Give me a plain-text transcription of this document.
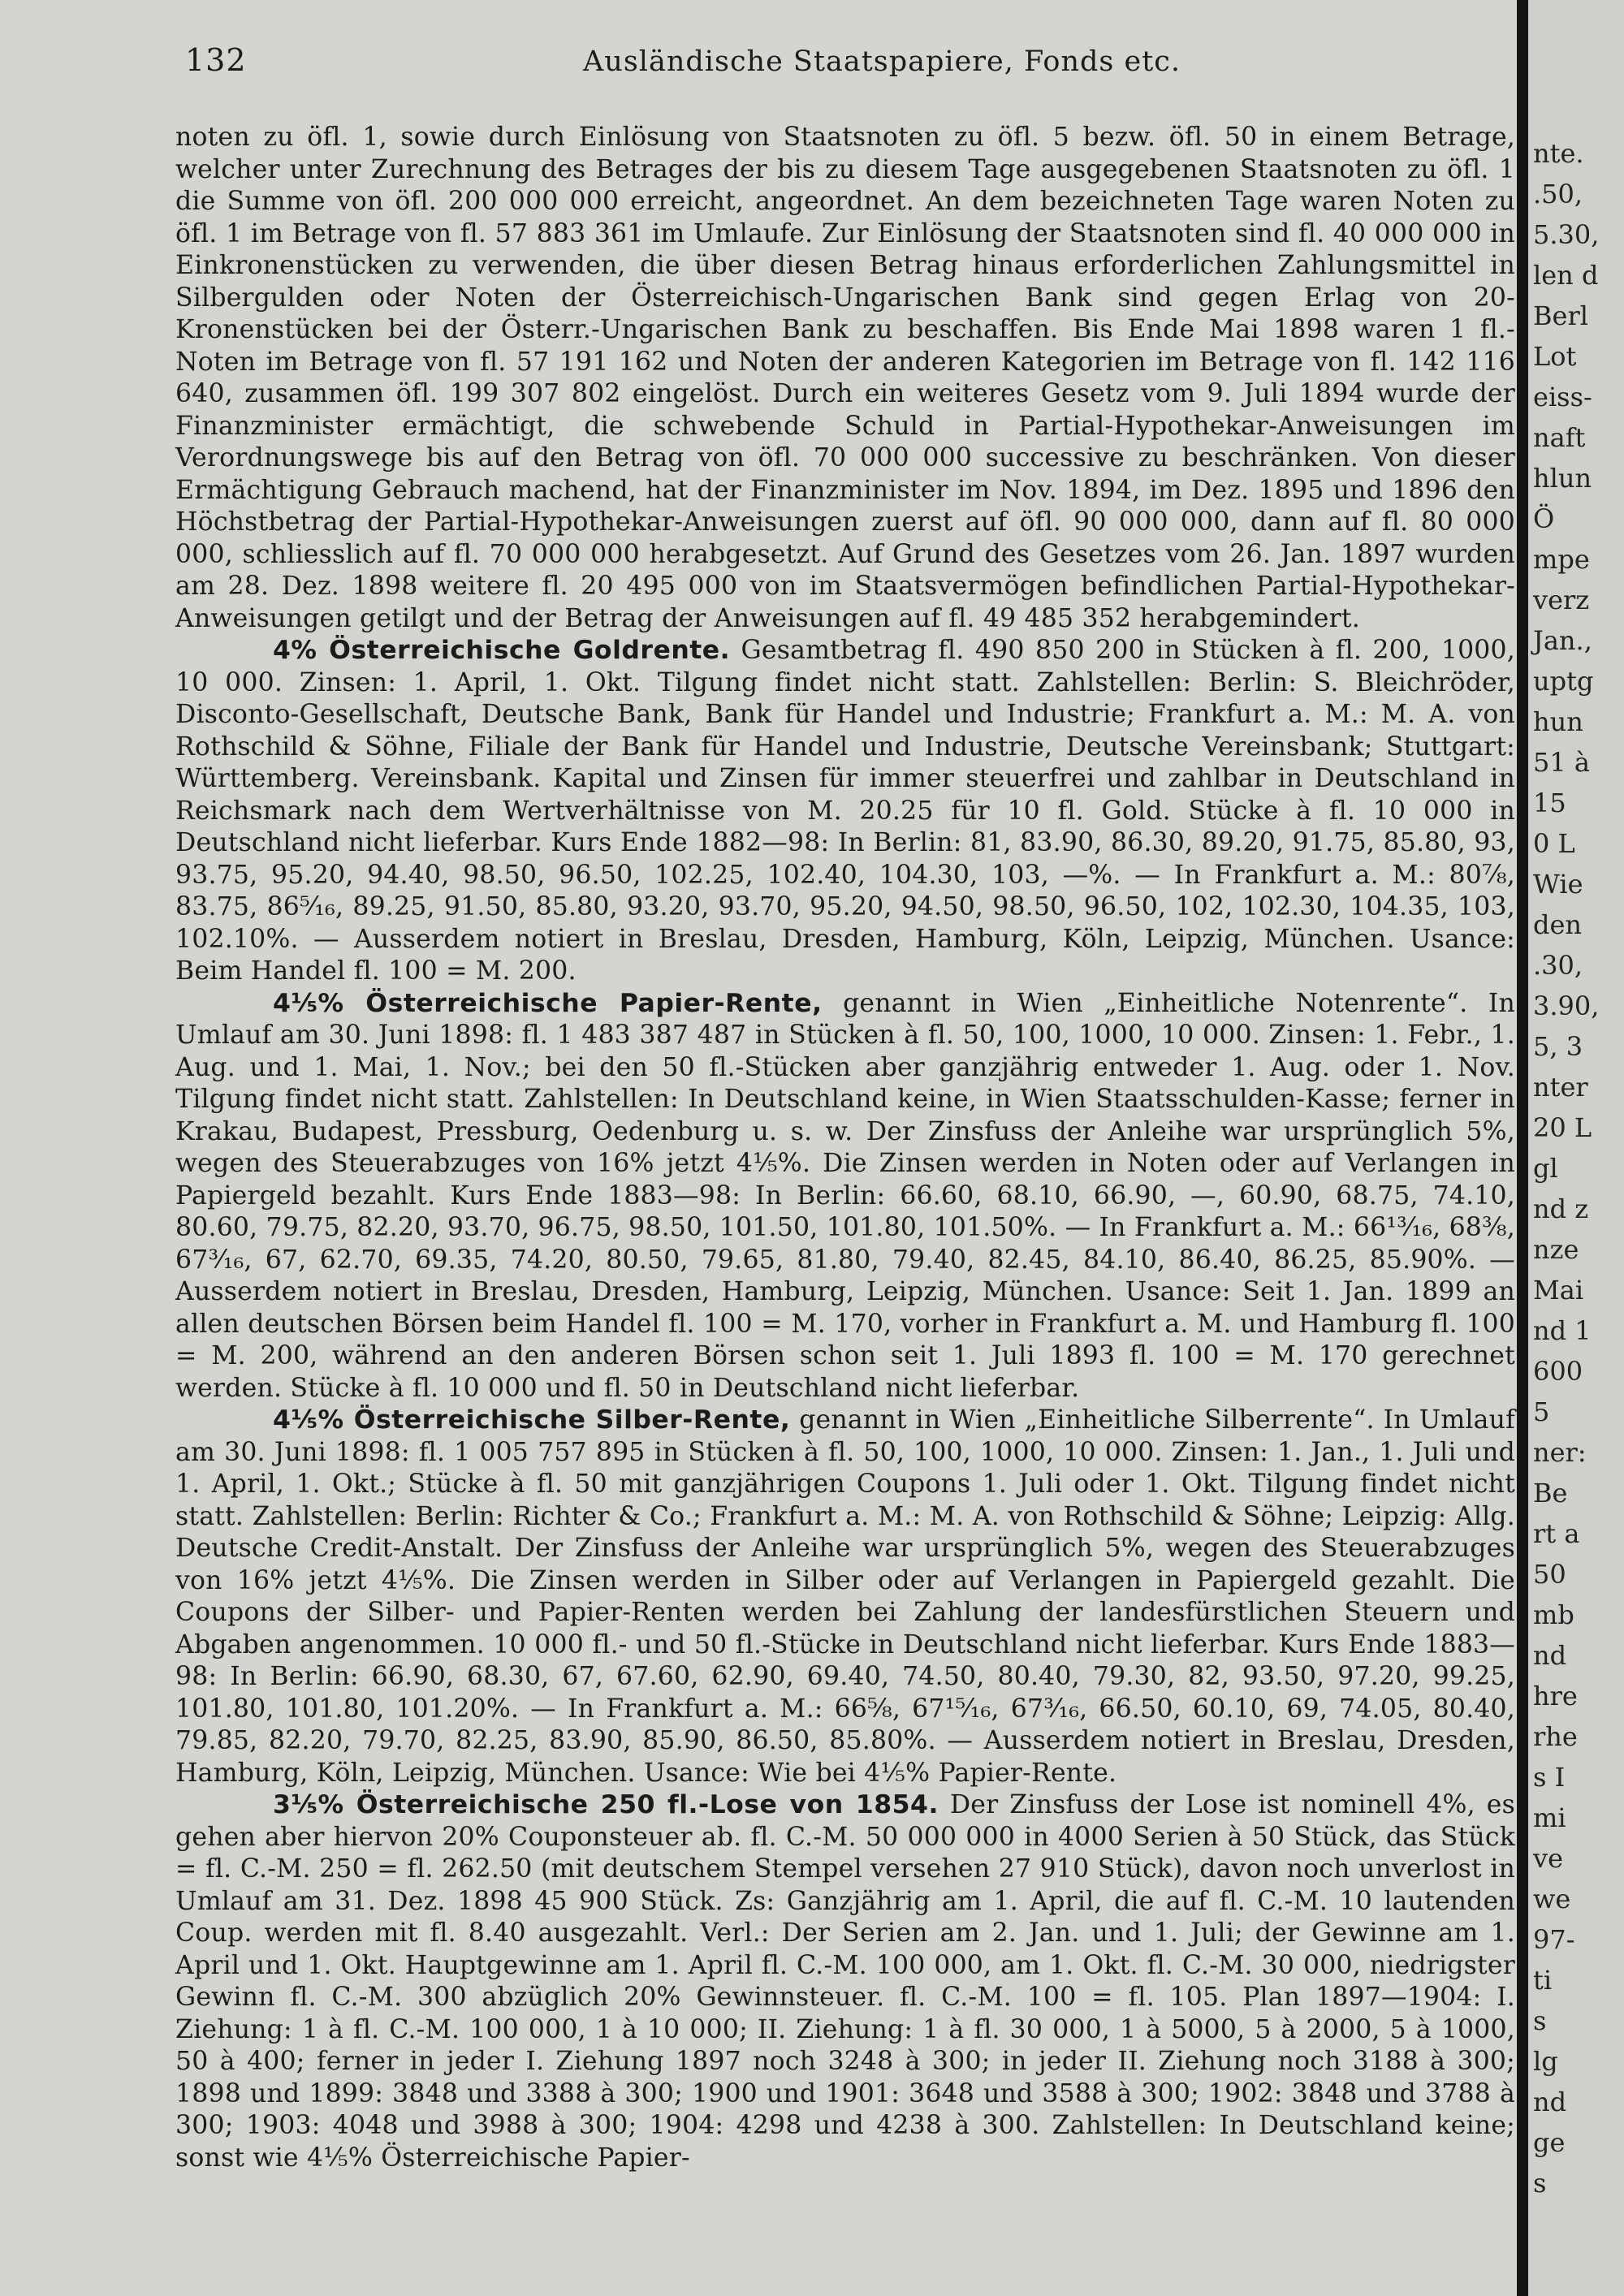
132	Ausländische Staatspapiere, Fonds etc.

noten zu öfl. 1, sowie durch Einlösung von Staatsnoten zu öfl. 5 bezw. öfl. 50 in einem Betrage, welcher unter Zurechnung des Betrages der bis zu diesem Tage ausgegebenen Staatsnoten zu öfl. 1 die Summe von öfl. 200 000 000 erreicht, angeordnet. An dem bezeichneten Tage waren Noten zu öfl. 1 im Betrage von fl. 57 883 361 im Umlaufe. Zur Einlösung der Staatsnoten sind fl. 40 000 000 in Einkronenstücken zu verwenden, die über diesen Betrag hinaus erforderlichen Zahlungsmittel in Silbergulden oder Noten der Österreichisch-Ungarischen Bank sind gegen Erlag von 20-Kronenstücken bei der Österr.-Ungarischen Bank zu beschaffen. Bis Ende Mai 1898 waren 1 fl.-Noten im Betrage von fl. 57 191 162 und Noten der anderen Kategorien im Betrage von fl. 142 116 640, zusammen öfl. 199 307 802 eingelöst. Durch ein weiteres Gesetz vom 9. Juli 1894 wurde der Finanzminister ermächtigt, die schwebende Schuld in Partial-Hypothekar-Anweisungen im Verordnungswege bis auf den Betrag von öfl. 70 000 000 successive zu beschränken. Von dieser Ermächtigung Gebrauch machend, hat der Finanzminister im Nov. 1894, im Dez. 1895 und 1896 den Höchstbetrag der Partial-Hypothekar-Anweisungen zuerst auf öfl. 90 000 000, dann auf fl. 80 000 000, schliesslich auf fl. 70 000 000 herabgesetzt. Auf Grund des Gesetzes vom 26. Jan. 1897 wurden am 28. Dez. 1898 weitere fl. 20 495 000 von im Staatsvermögen befindlichen Partial-Hypothekar-Anweisungen getilgt und der Betrag der Anweisungen auf fl. 49 485 352 herabgemindert.

4% Österreichische Goldrente. Gesamtbetrag fl. 490 850 200 in Stücken à fl. 200, 1000, 10 000. Zinsen: 1. April, 1. Okt. Tilgung findet nicht statt. Zahlstellen: Berlin: S. Bleichröder, Disconto-Gesellschaft, Deutsche Bank, Bank für Handel und Industrie; Frankfurt a. M.: M. A. von Rothschild & Söhne, Filiale der Bank für Handel und Industrie, Deutsche Vereinsbank; Stuttgart: Württemberg. Vereinsbank. Kapital und Zinsen für immer steuerfrei und zahlbar in Deutschland in Reichsmark nach dem Wertverhältnisse von M. 20.25 für 10 fl. Gold. Stücke à fl. 10 000 in Deutschland nicht lieferbar. Kurs Ende 1882—98: In Berlin: 81, 83.90, 86.30, 89.20, 91.75, 85.80, 93, 93.75, 95.20, 94.40, 98.50, 96.50, 102.25, 102.40, 104.30, 103, —%. — In Frankfurt a. M.: 80⅞, 83.75, 86⁵⁄₁₆, 89.25, 91.50, 85.80, 93.20, 93.70, 95.20, 94.50, 98.50, 96.50, 102, 102.30, 104.35, 103, 102.10%. — Ausserdem notiert in Breslau, Dresden, Hamburg, Köln, Leipzig, München. Usance: Beim Handel fl. 100 = M. 200.

4⅕% Österreichische Papier-Rente, genannt in Wien „Einheitliche Notenrente“. In Umlauf am 30. Juni 1898: fl. 1 483 387 487 in Stücken à fl. 50, 100, 1000, 10 000. Zinsen: 1. Febr., 1. Aug. und 1. Mai, 1. Nov.; bei den 50 fl.-Stücken aber ganzjährig entweder 1. Aug. oder 1. Nov. Tilgung findet nicht statt. Zahlstellen: In Deutschland keine, in Wien Staatsschulden-Kasse; ferner in Krakau, Budapest, Pressburg, Oedenburg u. s. w. Der Zinsfuss der Anleihe war ursprünglich 5%, wegen des Steuerabzuges von 16% jetzt 4⅕%. Die Zinsen werden in Noten oder auf Verlangen in Papiergeld bezahlt. Kurs Ende 1883—98: In Berlin: 66.60, 68.10, 66.90, —, 60.90, 68.75, 74.10, 80.60, 79.75, 82.20, 93.70, 96.75, 98.50, 101.50, 101.80, 101.50%. — In Frankfurt a. M.: 66¹³⁄₁₆, 68⅜, 67³⁄₁₆, 67, 62.70, 69.35, 74.20, 80.50, 79.65, 81.80, 79.40, 82.45, 84.10, 86.40, 86.25, 85.90%. — Ausserdem notiert in Breslau, Dresden, Hamburg, Leipzig, München. Usance: Seit 1. Jan. 1899 an allen deutschen Börsen beim Handel fl. 100 = M. 170, vorher in Frankfurt a. M. und Hamburg fl. 100 = M. 200, während an den anderen Börsen schon seit 1. Juli 1893 fl. 100 = M. 170 gerechnet werden. Stücke à fl. 10 000 und fl. 50 in Deutschland nicht lieferbar.

4⅕% Österreichische Silber-Rente, genannt in Wien „Einheitliche Silberrente“. In Umlauf am 30. Juni 1898: fl. 1 005 757 895 in Stücken à fl. 50, 100, 1000, 10 000. Zinsen: 1. Jan., 1. Juli und 1. April, 1. Okt.; Stücke à fl. 50 mit ganzjährigen Coupons 1. Juli oder 1. Okt. Tilgung findet nicht statt. Zahlstellen: Berlin: Richter & Co.; Frankfurt a. M.: M. A. von Rothschild & Söhne; Leipzig: Allg. Deutsche Credit-Anstalt. Der Zinsfuss der Anleihe war ursprünglich 5%, wegen des Steuerabzuges von 16% jetzt 4⅕%. Die Zinsen werden in Silber oder auf Verlangen in Papiergeld gezahlt. Die Coupons der Silber- und Papier-Renten werden bei Zahlung der landesfürstlichen Steuern und Abgaben angenommen. 10 000 fl.- und 50 fl.-Stücke in Deutschland nicht lieferbar. Kurs Ende 1883—98: In Berlin: 66.90, 68.30, 67, 67.60, 62.90, 69.40, 74.50, 80.40, 79.30, 82, 93.50, 97.20, 99.25, 101.80, 101.80, 101.20%. — In Frankfurt a. M.: 66⅝, 67¹⁵⁄₁₆, 67³⁄₁₆, 66.50, 60.10, 69, 74.05, 80.40, 79.85, 82.20, 79.70, 82.25, 83.90, 85.90, 86.50, 85.80%. — Ausserdem notiert in Breslau, Dresden, Hamburg, Köln, Leipzig, München. Usance: Wie bei 4⅕% Papier-Rente.

3⅕% Österreichische 250 fl.-Lose von 1854. Der Zinsfuss der Lose ist nominell 4%, es gehen aber hiervon 20% Couponsteuer ab. fl. C.-M. 50 000 000 in 4000 Serien à 50 Stück, das Stück = fl. C.-M. 250 = fl. 262.50 (mit deutschem Stempel versehen 27 910 Stück), davon noch unverlost in Umlauf am 31. Dez. 1898 45 900 Stück. Zs: Ganzjährig am 1. April, die auf fl. C.-M. 10 lautenden Coup. werden mit fl. 8.40 ausgezahlt. Verl.: Der Serien am 2. Jan. und 1. Juli; der Gewinne am 1. April und 1. Okt. Hauptgewinne am 1. April fl. C.-M. 100 000, am 1. Okt. fl. C.-M. 30 000, niedrigster Gewinn fl. C.-M. 300 abzüglich 20% Gewinnsteuer. fl. C.-M. 100 = fl. 105. Plan 1897—1904: I. Ziehung: 1 à fl. C.-M. 100 000, 1 à 10 000; II. Ziehung: 1 à fl. 30 000, 1 à 5000, 5 à 2000, 5 à 1000, 50 à 400; ferner in jeder I. Ziehung 1897 noch 3248 à 300; in jeder II. Ziehung noch 3188 à 300; 1898 und 1899: 3848 und 3388 à 300; 1900 und 1901: 3648 und 3588 à 300; 1902: 3848 und 3788 à 300; 1903: 4048 und 3988 à 300; 1904: 4298 und 4238 à 300. Zahlstellen: In Deutschland keine; sonst wie 4⅕% Österreichische Papier-

nte.
.50,
5.30,
len d
Berl
Lot
eiss-
naft
hlun
Ö
mpe
verz
Jan.,
uptg
hun
51 à
15
0 L
Wie
den
.30,
3.90,
5, 3
nter
20 L
gl
nd z
nze
Mai
nd 1
600
5
ner:
Be
rt a
50
mb
nd
hre
rhe
s I
mi
ve
we
97-
ti
s
lg
nd
ge
s
